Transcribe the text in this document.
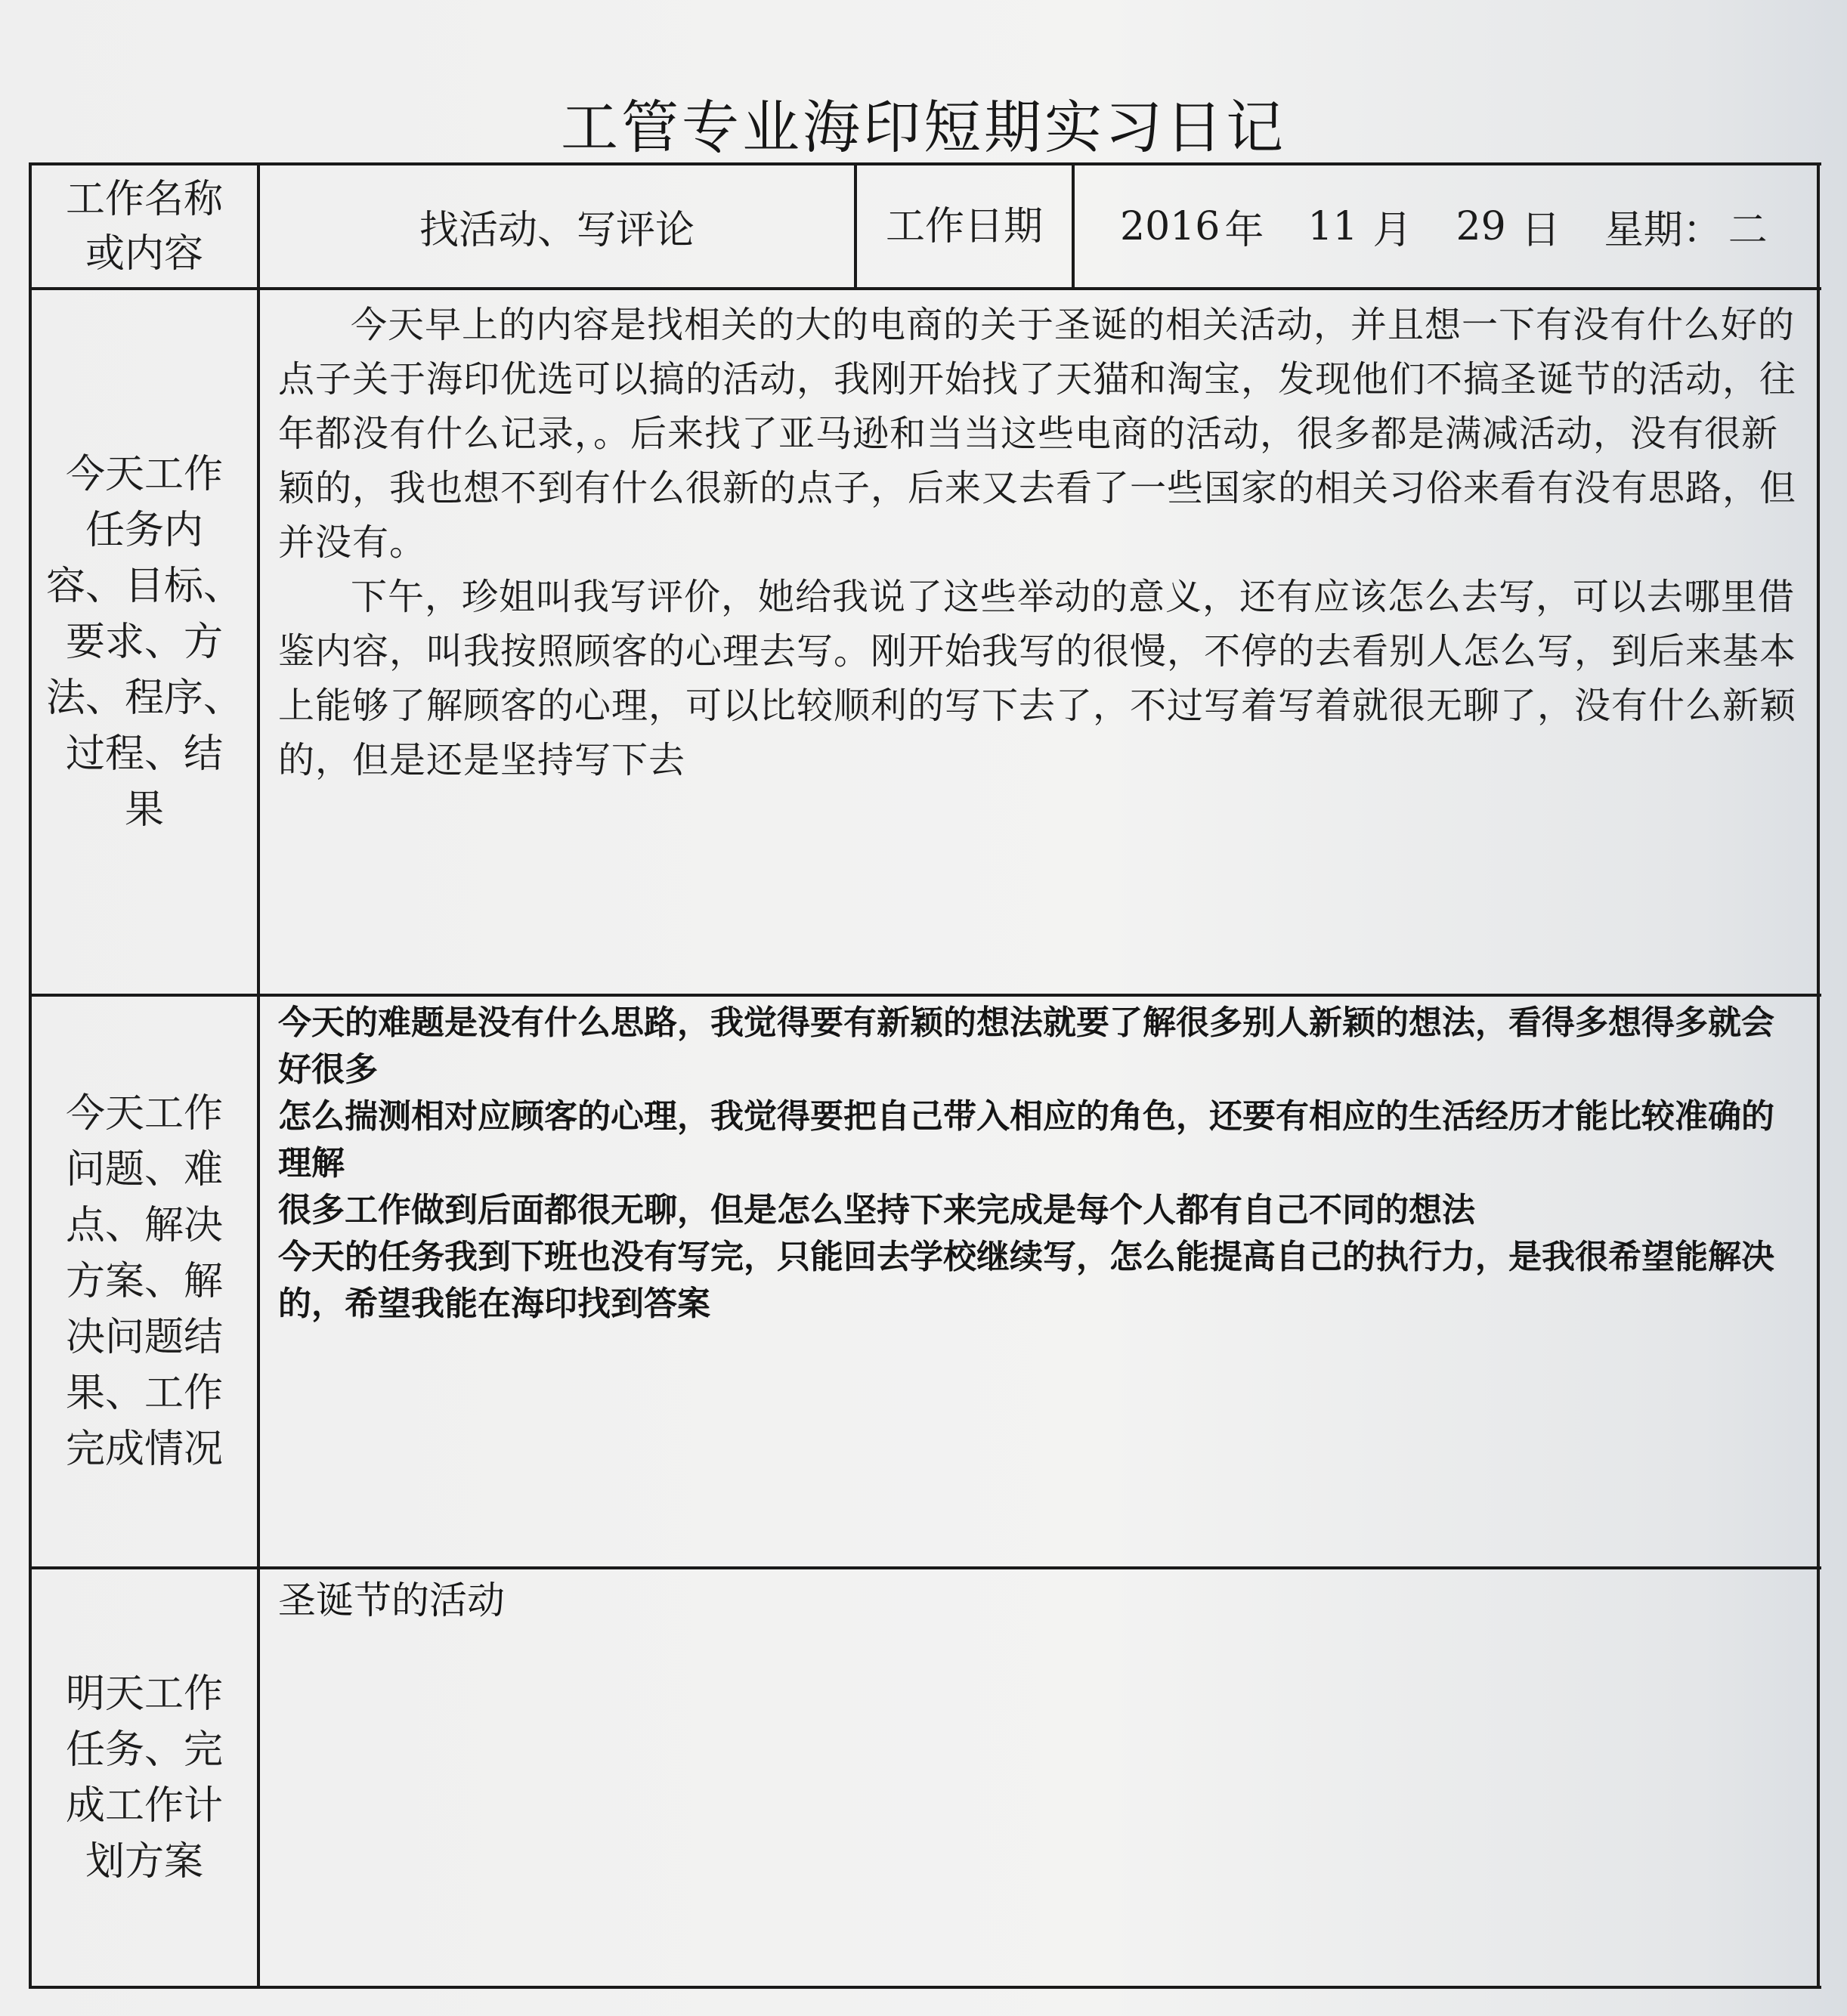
工管专业海印短期实习日记
工作名称
或内容
找活动、写评论	工作日期	2016 年 11 月 29 日 星期： 二
今天工作
任务内
容、目标、
要求、方
法、程序、
过程、结
果

今天早上的内容是找相关的大的电商的关于圣诞的相关活动，并且想一下有没有什么好的点子关于海印优选可以搞的活动，我刚开始找了天猫和淘宝，发现他们不搞圣诞节的活动，往年都没有什么记录，。后来找了亚马逊和当当这些电商的活动，很多都是满减活动，没有很新颖的，我也想不到有什么很新的点子，后来又去看了一些国家的相关习俗来看有没有思路，但并没有。

下午，珍姐叫我写评价，她给我说了这些举动的意义，还有应该怎么去写，可以去哪里借鉴内容，叫我按照顾客的心理去写。刚开始我写的很慢，不停的去看别人怎么写，到后来基本上能够了解顾客的心理，可以比较顺利的写下去了，不过写着写着就很无聊了，没有什么新颖的，但是还是坚持写下去

今天工作
问题、难
点、解决
方案、解
决问题结
果、工作
完成情况

今天的难题是没有什么思路，我觉得要有新颖的想法就要了解很多别人新颖的想法，看得多想得多就会好很多

怎么揣测相对应顾客的心理，我觉得要把自己带入相应的角色，还要有相应的生活经历才能比较准确的理解

很多工作做到后面都很无聊，但是怎么坚持下来完成是每个人都有自己不同的想法

今天的任务我到下班也没有写完，只能回去学校继续写，怎么能提高自己的执行力，是我很希望能解决的，希望我能在海印找到答案

明天工作
任务、完
成工作计
划方案

圣诞节的活动
